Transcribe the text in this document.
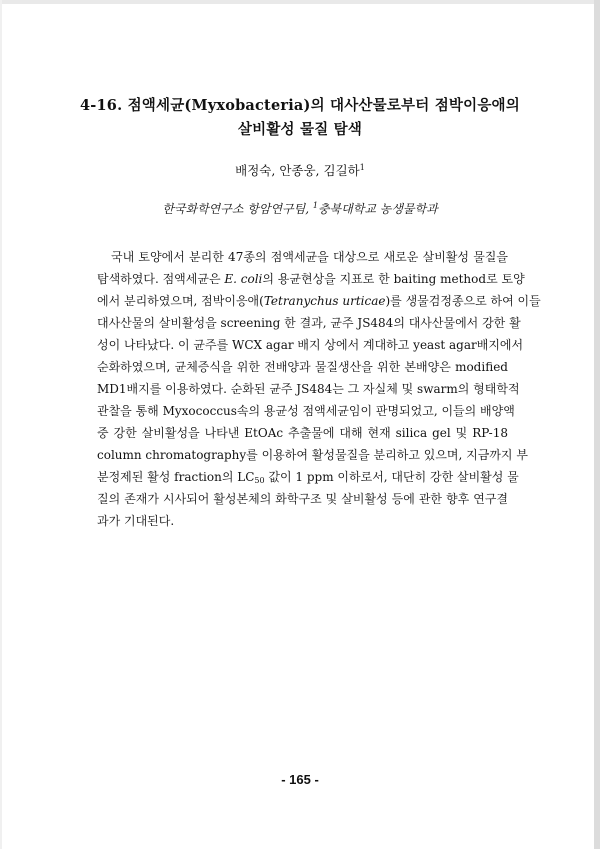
4-16. 점액세균(Myxobacteria)의 대사산물로부터 점박이응애의
살비활성 물질 탐색
배정숙, 안종웅, 김길하$^1$
한국화학연구소 항암연구팀, $^1$충북대학교 농생물학과
국내 토양에서 분리한 47종의 점액세균을 대상으로 새로운 살비활성 물질을
탐색하였다. 점액세균은 E. coli의 용균현상을 지표로 한 baiting method로 토양
에서 분리하였으며, 점박이응애(Tetranychus urticae)를 생물검정종으로 하여 이들
대사산물의 살비활성을 screening 한 결과, 균주 JS484의 대사산물에서 강한 활
성이 나타났다. 이 균주를 WCX agar 배지 상에서 계대하고 yeast agar배지에서
순화하였으며, 균체증식을 위한 전배양과 물질생산을 위한 본배양은 modified
MD1배지를 이용하였다. 순화된 균주 JS484는 그 자실체 및 swarm의 형태학적
관찰을 통해 Myxococcus속의 용균성 점액세균임이 판명되었고, 이들의 배양액
중 강한 살비활성을 나타낸 EtOAc 추출물에 대해 현재 silica gel 및 RP-18
column chromatography를 이용하여 활성물질을 분리하고 있으며, 지금까지 부
분정제된 활성 fraction의 $LC_{50}$ 값이 1 ppm 이하로서, 대단히 강한 살비활성 물
질의 존재가 시사되어 활성본체의 화학구조 및 살비활성 등에 관한 향후 연구결
과가 기대된다.
- 165 -
